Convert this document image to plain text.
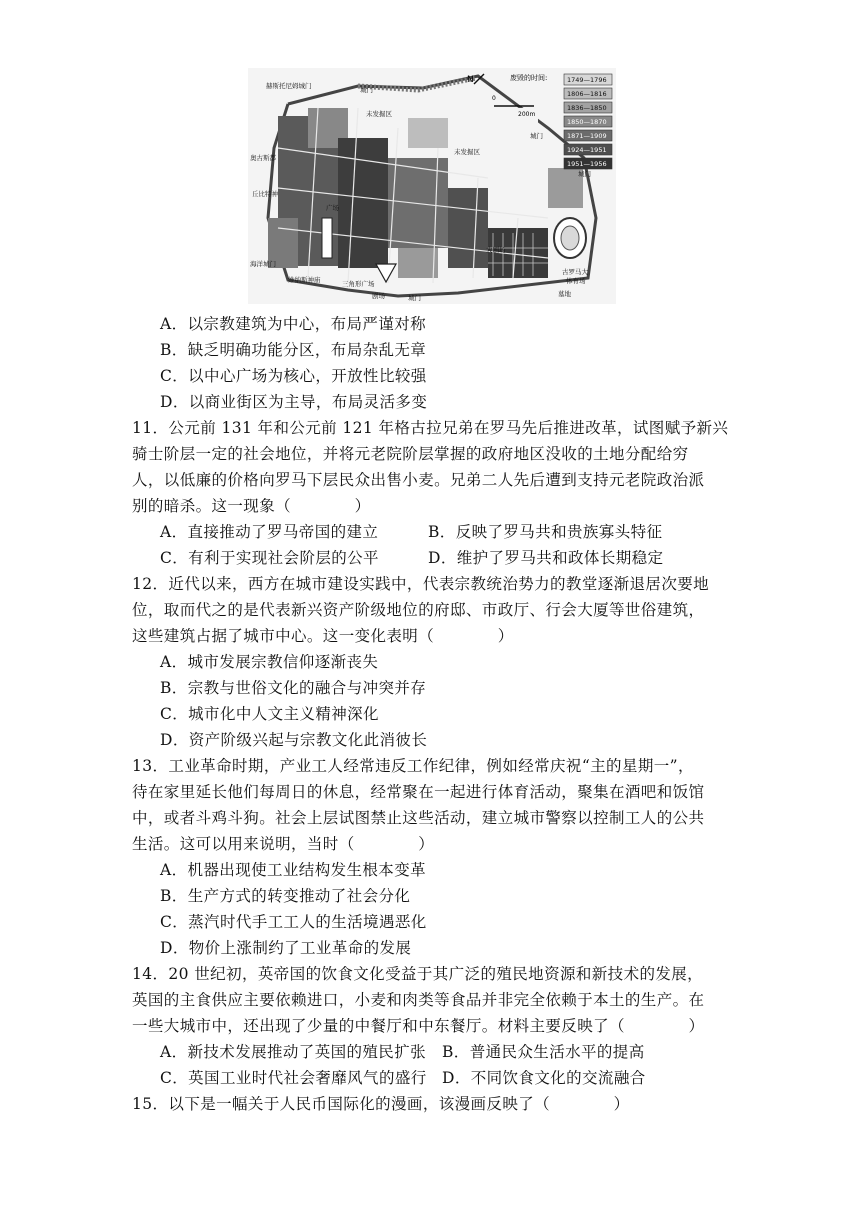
N
0
200m
废毁的时间:	1749—1796
1806—1816
1836—1850
1850—1870
1871—1909
1924—1951
1951—1956
赫斯托尼姆城门	城门
城门
城门
城门
未发掘区
未发掘区
奥古斯都
丘比特神
海洋城门
维纳斯神庙
广场
三角形广场
剧场
大剧场
古罗马大
体育场
墓地
A．以宗教建筑为中心，布局严谨对称
B．缺乏明确功能分区，布局杂乱无章
C．以中心广场为核心，开放性比较强
D．以商业街区为主导，布局灵活多变
11．公元前 131 年和公元前 121 年格古拉兄弟在罗马先后推进改革，试图赋予新兴
骑士阶层一定的社会地位，并将元老院阶层掌握的政府地区没收的土地分配给穷
人，以低廉的价格向罗马下层民众出售小麦。兄弟二人先后遭到支持元老院政治派
别的暗杀。这一现象（　　　　）
A．直接推动了罗马帝国的建立	B．反映了罗马共和贵族寡头特征
C．有利于实现社会阶层的公平	D．维护了罗马共和政体长期稳定
12．近代以来，西方在城市建设实践中，代表宗教统治势力的教堂逐渐退居次要地
位，取而代之的是代表新兴资产阶级地位的府邸、市政厅、行会大厦等世俗建筑，
这些建筑占据了城市中心。这一变化表明（　　　　）
A．城市发展宗教信仰逐渐丧失
B．宗教与世俗文化的融合与冲突并存
C．城市化中人文主义精神深化
D．资产阶级兴起与宗教文化此消彼长
13．工业革命时期，产业工人经常违反工作纪律，例如经常庆祝“主的星期一”，
待在家里延长他们每周日的休息，经常聚在一起进行体育活动，聚集在酒吧和饭馆
中，或者斗鸡斗狗。社会上层试图禁止这些活动，建立城市警察以控制工人的公共
生活。这可以用来说明，当时（　　　　）
A．机器出现使工业结构发生根本变革
B．生产方式的转变推动了社会分化
C．蒸汽时代手工工人的生活境遇恶化
D．物价上涨制约了工业革命的发展
14．20 世纪初，英帝国的饮食文化受益于其广泛的殖民地资源和新技术的发展，
英国的主食供应主要依赖进口，小麦和肉类等食品并非完全依赖于本土的生产。在
一些大城市中，还出现了少量的中餐厅和中东餐厅。材料主要反映了（　　　　）
A．新技术发展推动了英国的殖民扩张 B．普通民众生活水平的提高
C．英国工业时代社会奢靡风气的盛行 D．不同饮食文化的交流融合
15．以下是一幅关于人民币国际化的漫画，该漫画反映了（　　　　）
